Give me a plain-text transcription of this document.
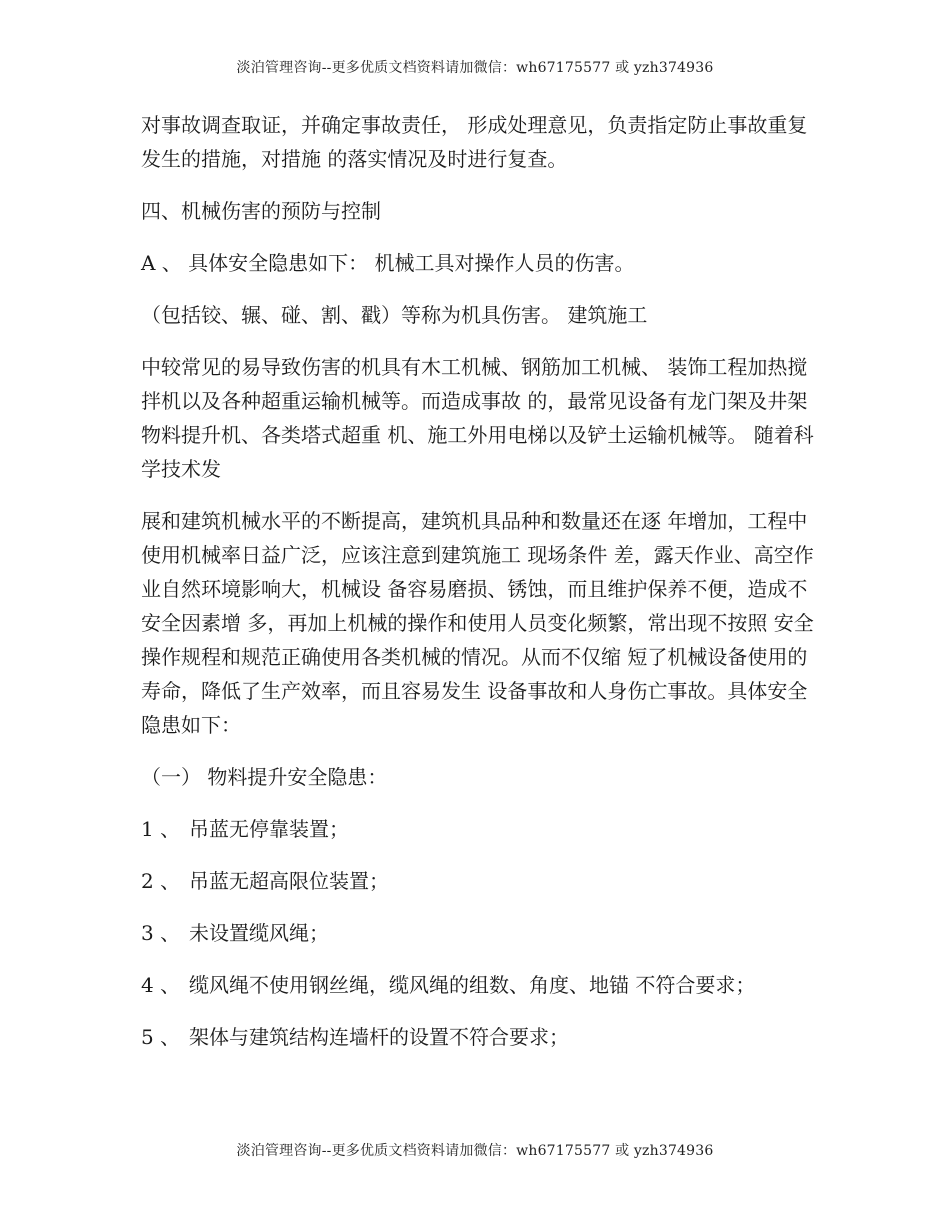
淡泊管理咨询--更多优质文档资料请加微信：wh67175577 或 yzh374936

对事故调查取证，并确定事故责任， 形成处理意见，负责指定防止事故重复发生的措施，对措施 的落实情况及时进行复查。

四、机械伤害的预防与控制

A 、 具体安全隐患如下： 机械工具对操作人员的伤害。

（包括铰、辗、碰、割、戳）等称为机具伤害。 建筑施工

中较常见的易导致伤害的机具有木工机械、钢筋加工机械、 装饰工程加热搅拌机以及各种超重运输机械等。而造成事故 的，最常见设备有龙门架及井架物料提升机、各类塔式超重 机、施工外用电梯以及铲土运输机械等。 随着科学技术发

展和建筑机械水平的不断提高，建筑机具品种和数量还在逐 年增加，工程中使用机械率日益广泛，应该注意到建筑施工 现场条件 差，露天作业、高空作业自然环境影响大，机械设 备容易磨损、锈蚀，而且维护保养不便，造成不安全因素增 多，再加上机械的操作和使用人员变化频繁，常出现不按照 安全操作规程和规范正确使用各类机械的情况。从而不仅缩 短了机械设备使用的寿命，降低了生产效率，而且容易发生 设备事故和人身伤亡事故。具体安全隐患如下：

（一） 物料提升安全隐患：

1 、 吊蓝无停靠装置；
2 、 吊蓝无超高限位装置；
3 、 未设置缆风绳；
4 、 缆风绳不使用钢丝绳，缆风绳的组数、角度、地锚 不符合要求；
5 、 架体与建筑结构连墙杆的设置不符合要求；
淡泊管理咨询--更多优质文档资料请加微信：wh67175577 或 yzh374936
